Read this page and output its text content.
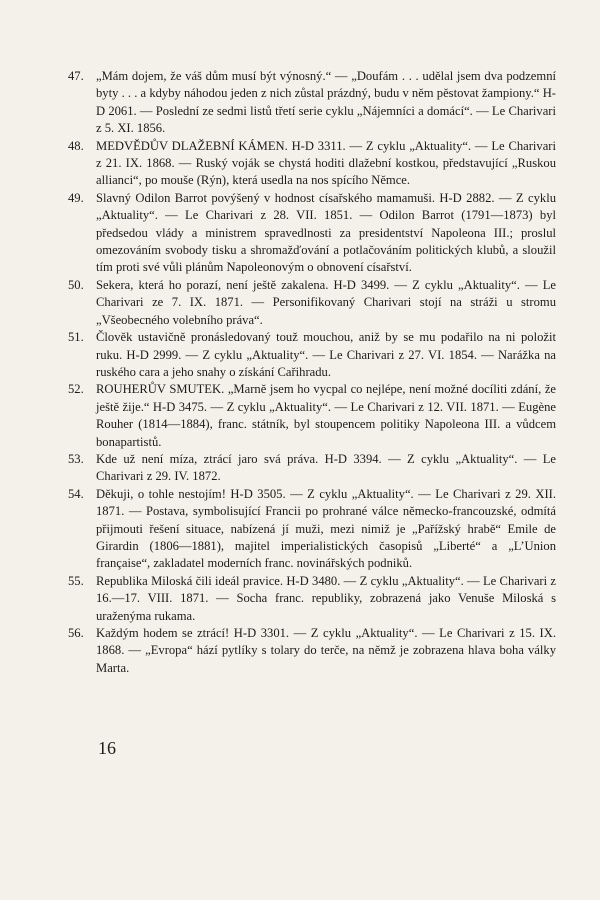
47. „Mám dojem, že váš dům musí být výnosný.“ — „Doufám . . . udělal jsem dva podzemní byty . . . a kdyby náhodou jeden z nich zůstal prázdný, budu v něm pěstovat žampiony.“ H-D 2061. — Poslední ze sedmi listů třetí serie cyklu „Nájemníci a domácí“. — Le Charivari z 5. XI. 1856.
48. MEDVĚDŮV DLAŽEBNÍ KÁMEN. H-D 3311. — Z cyklu „Aktuality“. — Le Charivari z 21. IX. 1868. — Ruský voják se chystá hoditi dlažební kostkou, představující „Ruskou allianci“, po mouše (Rýn), která usedla na nos spícího Němce.
49. Slavný Odilon Barrot povýšený v hodnost císařského mamamuši. H-D 2882. — Z cyklu „Aktuality“. — Le Charivari z 28. VII. 1851. — Odilon Barrot (1791—1873) byl předsedou vlády a ministrem spravedlnosti za presidentství Napoleona III.; proslul omezováním svobody tisku a shromažďování a potlačováním politických klubů, a sloužil tím proti své vůli plánům Napoleonovým o obnovení císařství.
50. Sekera, která ho porazí, není ještě zakalena. H-D 3499. — Z cyklu „Aktuality“. — Le Charivari ze 7. IX. 1871. — Personifikovaný Charivari stojí na stráži u stromu „Všeobecného volebního práva“.
51. Člověk ustavičně pronásledovaný touž mouchou, aniž by se mu podařilo na ni položit ruku. H-D 2999. — Z cyklu „Aktuality“. — Le Charivari z 27. VI. 1854. — Narážka na ruského cara a jeho snahy o získání Cařihradu.
52. ROUHERŮV SMUTEK. „Marně jsem ho vycpal co nejlépe, není možné docíliti zdání, že ještě žije.“ H-D 3475. — Z cyklu „Aktuality“. — Le Charivari z 12. VII. 1871. — Eugène Rouher (1814—1884), franc. státník, byl stoupencem politiky Napoleona III. a vůdcem bonapartistů.
53. Kde už není míza, ztrácí jaro svá práva. H-D 3394. — Z cyklu „Aktuality“. — Le Charivari z 29. IV. 1872.
54. Děkuji, o tohle nestojím! H-D 3505. — Z cyklu „Aktuality“. — Le Charivari z 29. XII. 1871. — Postava, symbolisující Francii po prohrané válce německo-francouzské, odmítá přijmouti řešení situace, nabízená jí muži, mezi nimiž je „Pařížský hrabě“ Emile de Girardin (1806—1881), majitel imperialistických časopisů „Liberté“ a „L’Union française“, zakladatel moderních franc. novinářských podniků.
55. Republika Miloská čili ideál pravice. H-D 3480. — Z cyklu „Aktuality“. — Le Charivari z 16.—17. VIII. 1871. — Socha franc. republiky, zobrazená jako Venuše Miloská s uraženýma rukama.
56. Každým hodem se ztrácí! H-D 3301. — Z cyklu „Aktuality“. — Le Charivari z 15. IX. 1868. — „Evropa“ hází pytlíky s tolary do terče, na němž je zobrazena hlava boha války Marta.
16
